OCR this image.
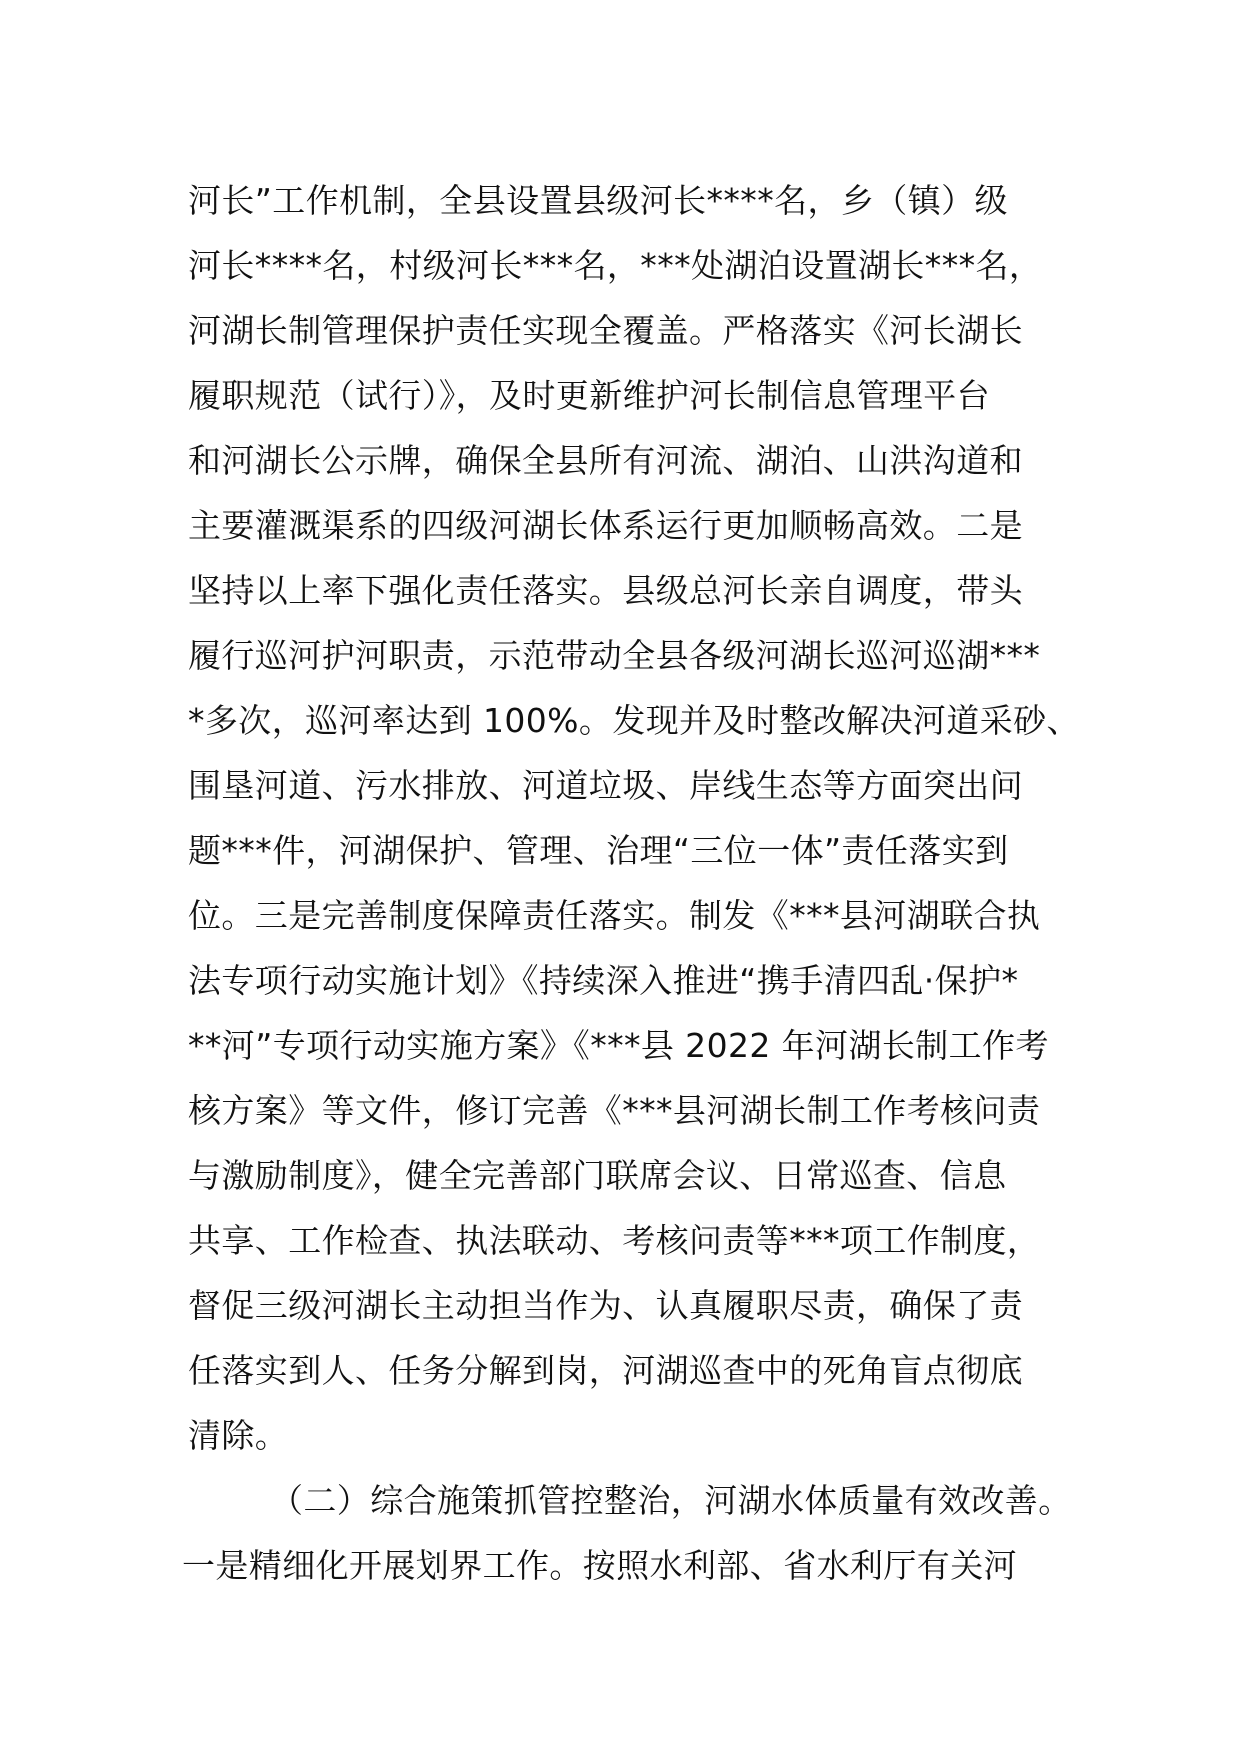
河长”工作机制，全县设置县级河长****名，乡（镇）级
河长****名，村级河长***名，***处湖泊设置湖长***名，
河湖长制管理保护责任实现全覆盖。严格落实《河长湖长
履职规范（试行）》，及时更新维护河长制信息管理平台
和河湖长公示牌，确保全县所有河流、湖泊、山洪沟道和
主要灌溉渠系的四级河湖长体系运行更加顺畅高效。二是
坚持以上率下强化责任落实。县级总河长亲自调度，带头
履行巡河护河职责，示范带动全县各级河湖长巡河巡湖***
*多次，巡河率达到 100%。发现并及时整改解决河道采砂、
围垦河道、污水排放、河道垃圾、岸线生态等方面突出问
题***件，河湖保护、管理、治理“三位一体”责任落实到
位。三是完善制度保障责任落实。制发《***县河湖联合执
法专项行动实施计划》《持续深入推进“携手清四乱·保护*
**河”专项行动实施方案》《***县 2022 年河湖长制工作考
核方案》等文件，修订完善《***县河湖长制工作考核问责
与激励制度》，健全完善部门联席会议、日常巡查、信息
共享、工作检查、执法联动、考核问责等***项工作制度，
督促三级河湖长主动担当作为、认真履职尽责，确保了责
任落实到人、任务分解到岗，河湖巡查中的死角盲点彻底
清除。
（二）综合施策抓管控整治，河湖水体质量有效改善。
一是精细化开展划界工作。按照水利部、省水利厅有关河
